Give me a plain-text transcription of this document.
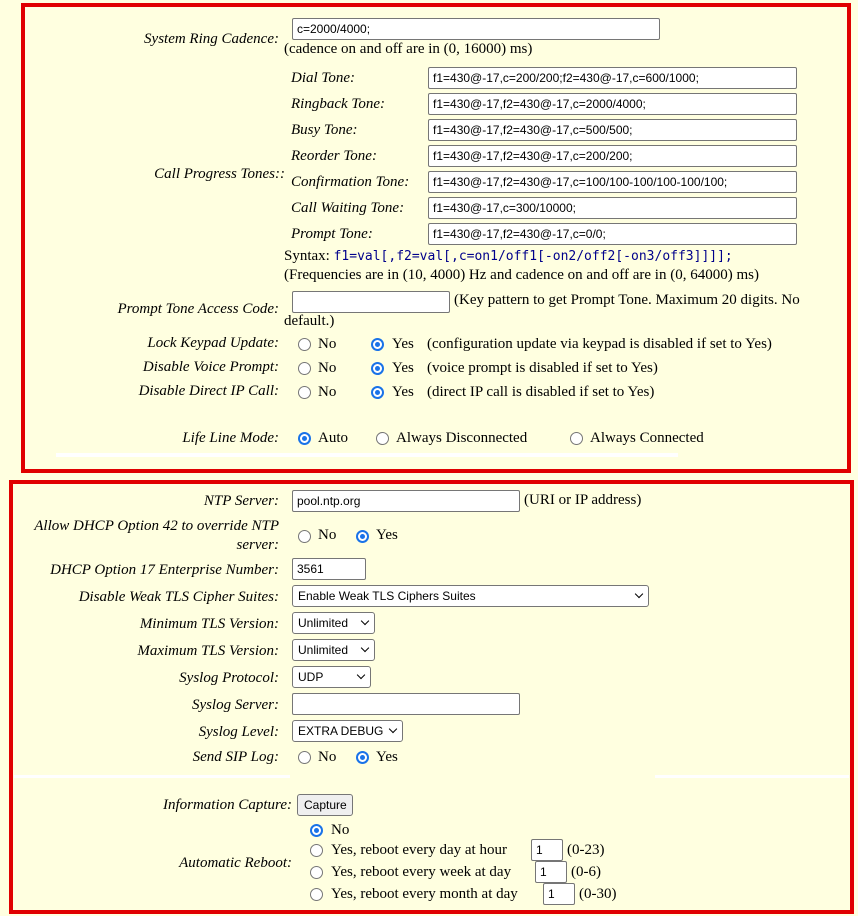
System Ring Cadence:
c=2000/4000;
(cadence on and off are in (0, 16000) ms)
Call Progress Tones::
Dial Tone:
f1=430@-17,c=200/200;f2=430@-17,c=600/1000;
Ringback Tone:
f1=430@-17,f2=430@-17,c=2000/4000;
Busy Tone:
f1=430@-17,f2=430@-17,c=500/500;
Reorder Tone:
f1=430@-17,f2=430@-17,c=200/200;
Confirmation Tone:
f1=430@-17,f2=430@-17,c=100/100-100/100-100/100;
Call Waiting Tone:
f1=430@-17,c=300/10000;
Prompt Tone:
f1=430@-17,f2=430@-17,c=0/0;
Syntax: f1=val[,f2=val[,c=on1/off1[-on2/off2[-on3/off3]]]];
(Frequencies are in (10, 4000) Hz and cadence on and off are in (0, 64000) ms)
Prompt Tone Access Code:
(Key pattern to get Prompt Tone. Maximum 20 digits. No
default.)
Lock Keypad Update:	No	Yes (configuration update via keypad is disabled if set to Yes)
Disable Voice Prompt:	No	Yes (voice prompt is disabled if set to Yes)
Disable Direct IP Call:	No	Yes (direct IP call is disabled if set to Yes)
Life Line Mode:	Auto	Always Disconnected	Always Connected
NTP Server:
pool.ntp.org	(URI or IP address)
Allow DHCP Option 42 to override NTP
server:
No	Yes
DHCP Option 17 Enterprise Number:
3561
Disable Weak TLS Cipher Suites:	Enable Weak TLS Ciphers Suites
Minimum TLS Version:	Unlimited
Maximum TLS Version:	Unlimited
Syslog Protocol:	UDP
Syslog Server:
Syslog Level:	EXTRA DEBUG
Send SIP Log:	No	Yes
Information Capture:	Capture
Automatic Reboot:
No
Yes, reboot every day at hour
1	(0-23)
Yes, reboot every week at day
1	(0-6)
Yes, reboot every month at day
1	(0-30)
